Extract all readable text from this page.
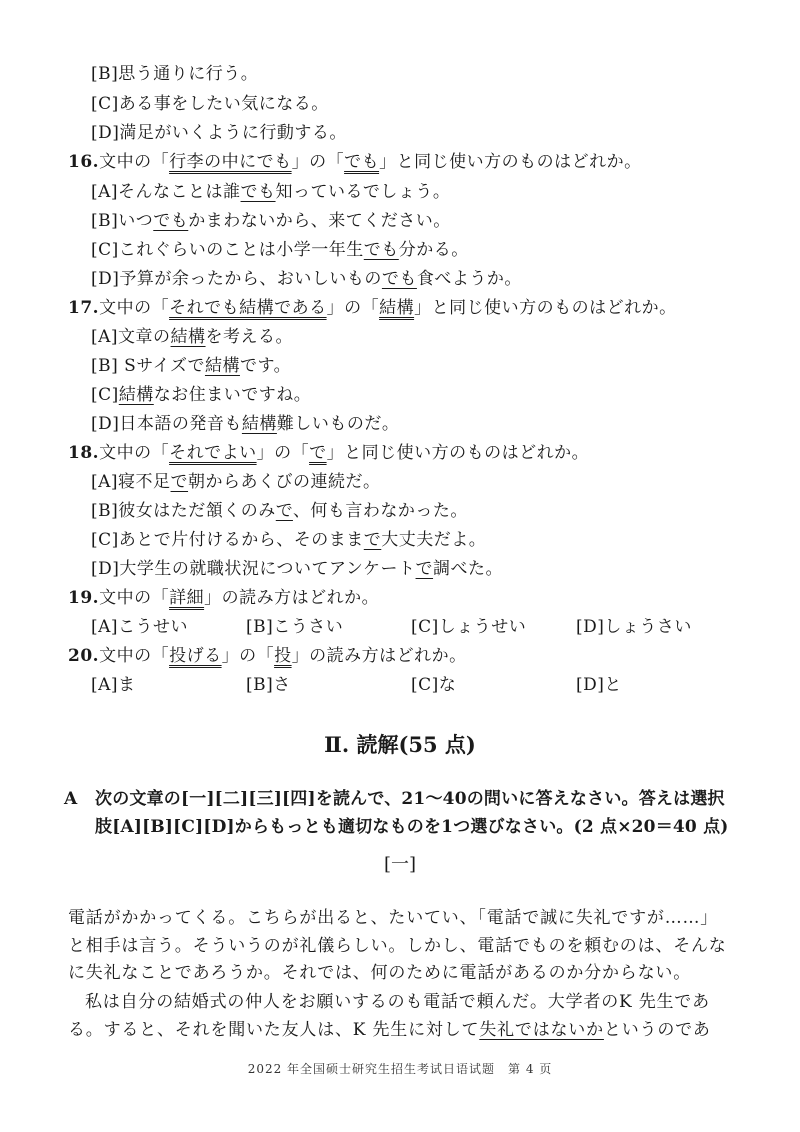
[B]思う通りに行う。
[C]ある事をしたい気になる。
[D]満足がいくように行動する。
16.文中の「行李の中にでも」の「でも」と同じ使い方のものはどれか。
[A]そんなことは誰でも知っているでしょう。
[B]いつでもかまわないから、来てください。
[C]これぐらいのことは小学一年生でも分かる。
[D]予算が余ったから、おいしいものでも食べようか。
17.文中の「それでも結構である」の「結構」と同じ使い方のものはどれか。
[A]文章の結構を考える。
[B] Sサイズで結構です。
[C]結構なお住まいですね。
[D]日本語の発音も結構難しいものだ。
18.文中の「それでよい」の「で」と同じ使い方のものはどれか。
[A]寝不足で朝からあくびの連続だ。
[B]彼女はただ頷くのみで、何も言わなかった。
[C]あとで片付けるから、そのままで大丈夫だよ。
[D]大学生の就職状況についてアンケートで調べた。
19.文中の「詳細」の読み方はどれか。
[A]こうせい	[B]こうさい	[C]しょうせい	[D]しょうさい
20.文中の「投げる」の「投」の読み方はどれか。
[A]ま	[B]さ	[C]な	[D]と
Ⅱ. 読解(55 点)
A 次の文章の[一][二][三][四]を読んで、21～40の問いに答えなさい。答えは選択
肢[A][B][C][D]からもっとも適切なものを1つ選びなさい。(2 点×20＝40 点)
[一]
電話がかかってくる。こちらが出ると、たいてい、「電話で誠に失礼ですが……」
と相手は言う。そういうのが礼儀らしい。しかし、電話でものを頼むのは、そんな
に失礼なことであろうか。それでは、何のために電話があるのか分からない。
私は自分の結婚式の仲人をお願いするのも電話で頼んだ。大学者のK 先生であ
る。すると、それを聞いた友人は、K 先生に対して失礼ではないかというのであ
2022 年全国硕士研究生招生考试日语试题　第 4 页
